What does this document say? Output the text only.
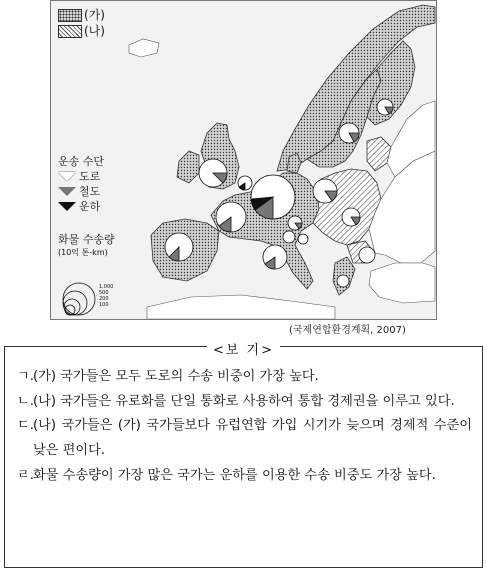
(가)
(나)
운송 수단
도로
철도
운하
화물 수송량
(10억 톤-km)
1,000
500
200
100
(국제연합환경계획, 2007)
<보 기>
ㄱ. (가) 국가들은 모두 도로의 수송 비중이 가장 높다.
ㄴ. (나) 국가들은 유로화를 단일 통화로 사용하여 통합 경제권을 이루고 있다.
ㄷ. (나) 국가들은 (가) 국가들보다 유럽연합 가입 시기가 늦으며 경제적 수준이 낮은 편이다.
ㄹ. 화물 수송량이 가장 많은 국가는 운하를 이용한 수송 비중도 가장 높다.
